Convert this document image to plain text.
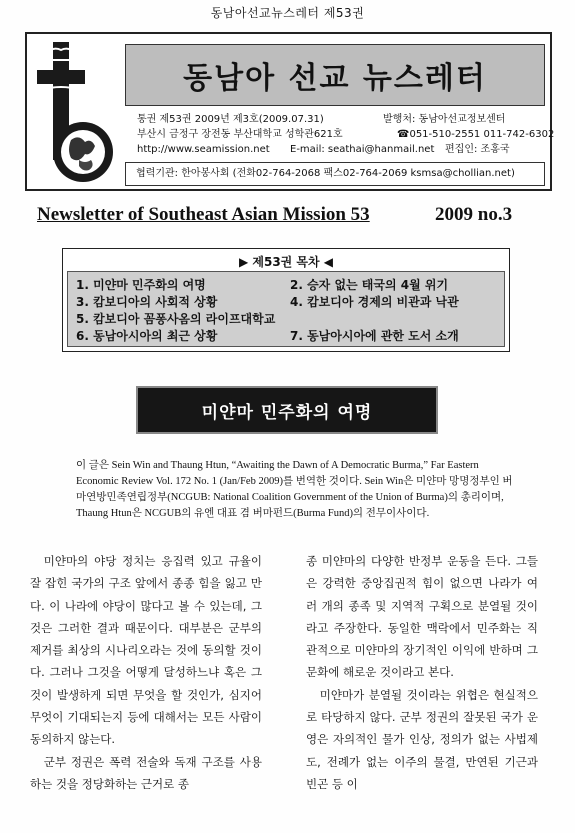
동남아선교뉴스레터 제53권
동남아 선교 뉴스레터
통권 제53권 2009년 제3호(2009.07.31)	발행처: 동남아선교정보센터
부산시 금정구 장전동 부산대학교 성학관621호	☎051-510-2551 011-742-6302
http://www.seamission.net E-mail: seathai@hanmail.net 편집인: 조홍국
협력기관: 한아봉사회 (전화02-764-2068 팩스02-764-2069 ksmsa@chollian.net)
Newsletter of Southeast Asian Mission 53	2009 no.3
▶ 제53권 목차 ◀
1. 미얀마 민주화의 여명	2. 승자 없는 태국의 4월 위기
3. 캄보디아의 사회적 상황	4. 캄보디아 경제의 비관과 낙관
5. 캄보디아 꼼퐁사옴의 라이프대학교
6. 동남아시아의 최근 상황	7. 동남아시아에 관한 도서 소개
미얀마 민주화의 여명
이 글은 Sein Win and Thaung Htun, “Awaiting the Dawn of A Democratic Burma,” Far Eastern Economic Review Vol. 172 No. 1 (Jan/Feb 2009)를 번역한 것이다. Sein Win은 미얀마 망명정부인 버마연방민족연립정부(NCGUB: National Coalition Government of the Union of Burma)의 총리이며, Thaung Htun은 NCGUB의 유엔 대표 겸 버마펀드(Burma Fund)의 전무이사이다.

미얀마의 야당 정치는 응집력 있고 규율이 잘 잡힌 국가의 구조 앞에서 종종 힘을 잃고 만다. 이 나라에 야당이 많다고 볼 수 있는데, 그것은 그러한 결과 때문이다. 대부분은 군부의 제거를 최상의 시나리오라는 것에 동의할 것이다. 그러나 그것을 어떻게 달성하느냐 혹은 그것이 발생하게 되면 무엇을 할 것인가, 심지어 무엇이 기대되는지 등에 대해서는 모든 사람이 동의하지 않는다.

군부 정권은 폭력 전술와 독재 구조를 사용하는 것을 정당화하는 근거로 종

종 미얀마의 다양한 반정부 운동을 든다. 그들은 강력한 중앙집권적 힘이 없으면 나라가 여러 개의 종족 및 지역적 구획으로 분열될 것이라고 주장한다. 동일한 맥락에서 민주화는 직관적으로 미얀마의 장기적인 이익에 반하며 그 문화에 해로운 것이라고 본다.

미얀마가 분열될 것이라는 위협은 현실적으로 타당하지 않다. 군부 정권의 잘못된 국가 운영은 자의적인 물가 인상, 정의가 없는 사법제도, 전례가 없는 이주의 물결, 만연된 기근과 빈곤 등 이
